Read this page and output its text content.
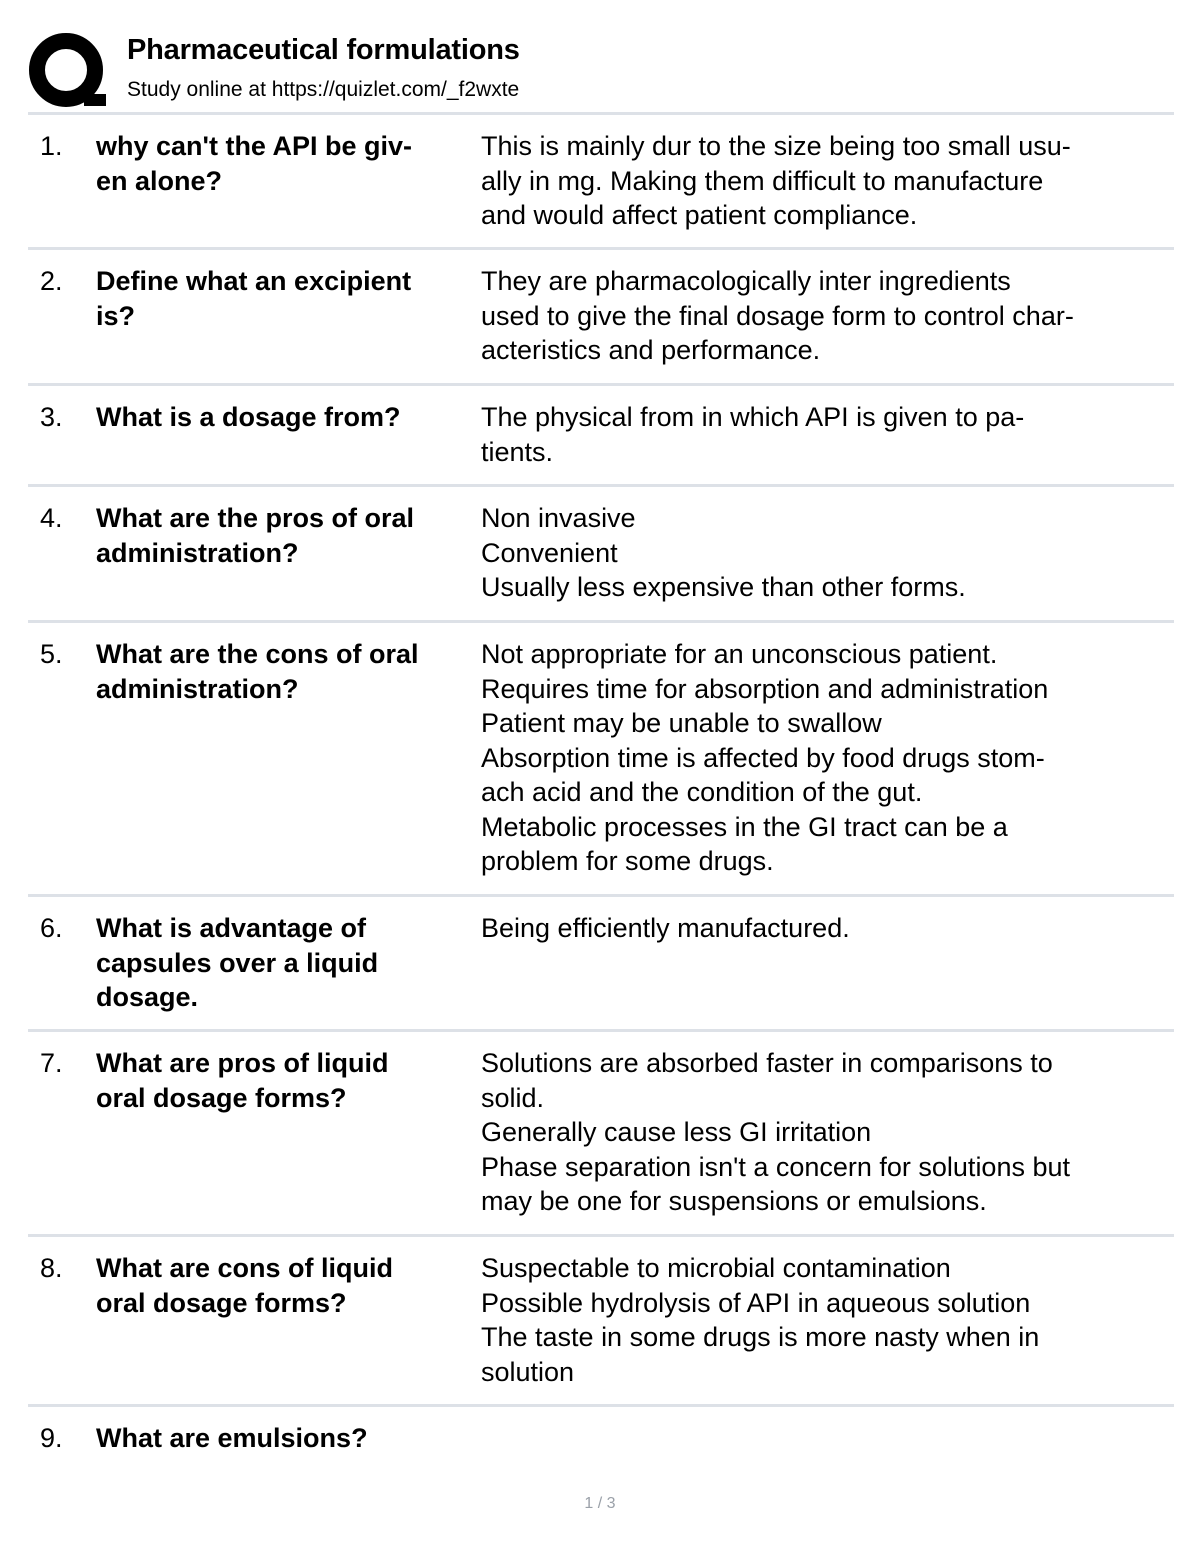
Pharmaceutical formulations
Study online at https://quizlet.com/_f2wxte
1. why can't the API be giv-
en alone?
This is mainly dur to the size being too small usu-
ally in mg. Making them difficult to manufacture
and would affect patient compliance.
2. Define what an excipient
is?
They are pharmacologically inter ingredients
used to give the final dosage form to control char-
acteristics and performance.
3. What is a dosage from?	The physical from in which API is given to pa-
tients.
4. What are the pros of oral
administration?
Non invasive
Convenient
Usually less expensive than other forms.
5. What are the cons of oral
administration?
Not appropriate for an unconscious patient.
Requires time for absorption and administration
Patient may be unable to swallow
Absorption time is affected by food drugs stom-
ach acid and the condition of the gut.
Metabolic processes in the GI tract can be a
problem for some drugs.
6. What is advantage of
capsules over a liquid
dosage.
Being efficiently manufactured.
7. What are pros of liquid
oral dosage forms?
Solutions are absorbed faster in comparisons to
solid.
Generally cause less GI irritation
Phase separation isn't a concern for solutions but
may be one for suspensions or emulsions.
8. What are cons of liquid
oral dosage forms?
Suspectable to microbial contamination
Possible hydrolysis of API in aqueous solution
The taste in some drugs is more nasty when in
solution
9. What are emulsions?
1 / 3
